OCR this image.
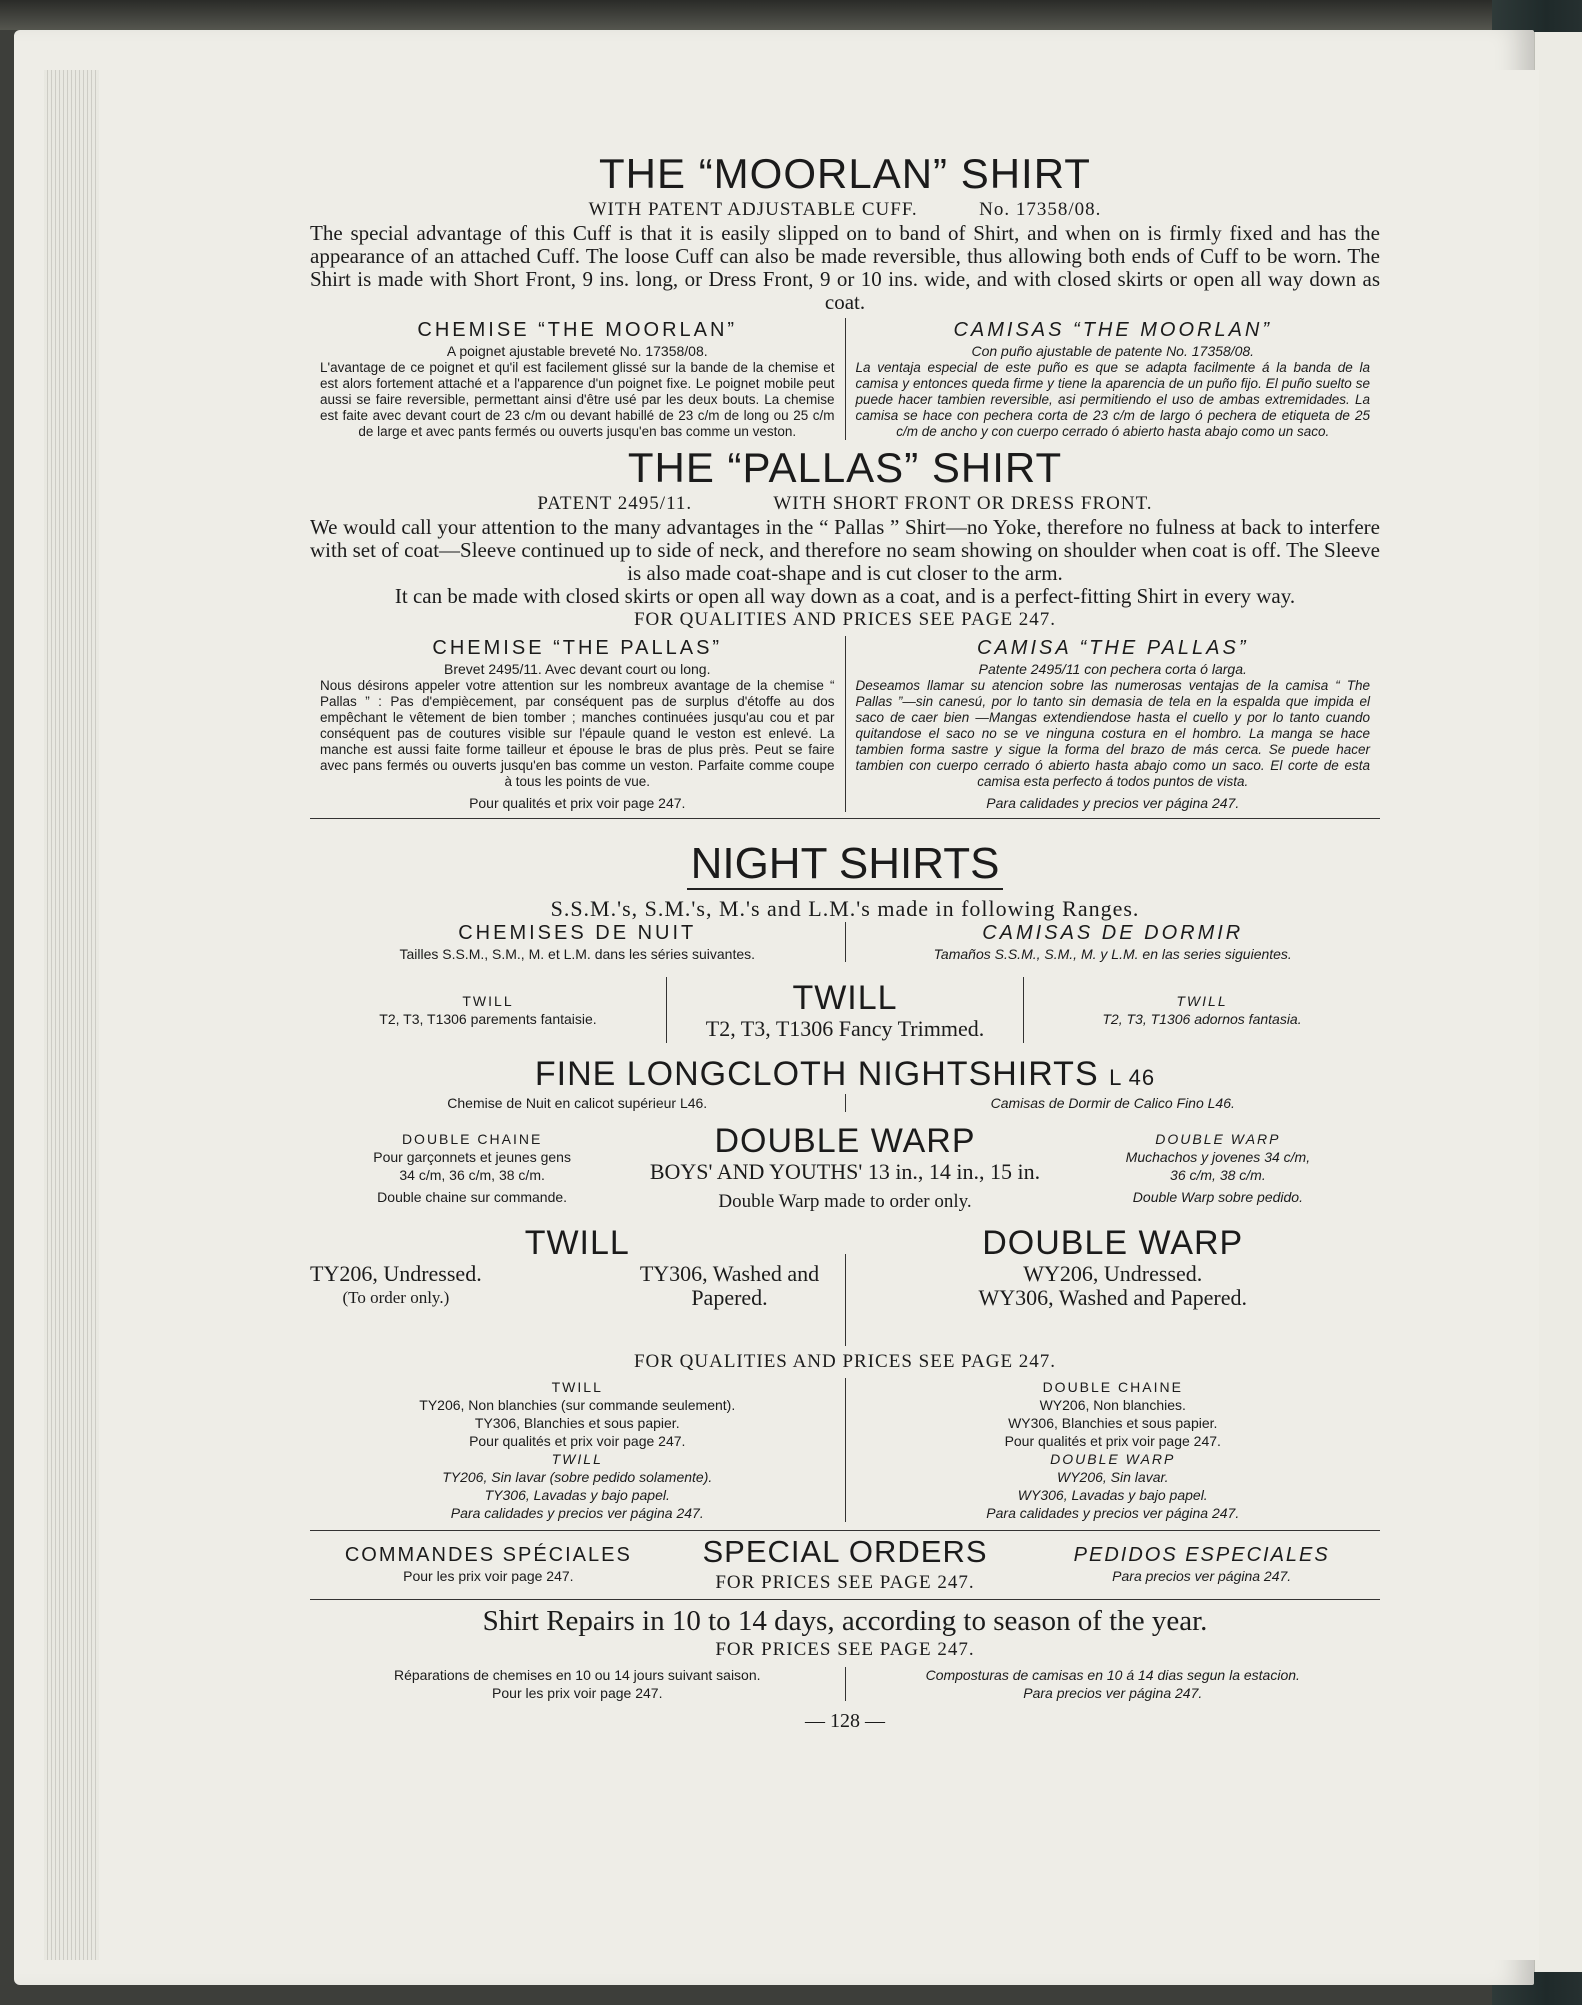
THE “MOORLAN” SHIRT
WITH PATENT ADJUSTABLE CUFF.	No. 17358/08.

The special advantage of this Cuff is that it is easily slipped on to band of Shirt, and when on is firmly fixed and has the appearance of an attached Cuff. The loose Cuff can also be made reversible, thus allowing both ends of Cuff to be worn. The Shirt is made with Short Front, 9 ins. long, or Dress Front, 9 or 10 ins. wide, and with closed skirts or open all way down as coat.

CHEMISE “THE MOORLAN”
A poignet ajustable breveté No. 17358/08.

L'avantage de ce poignet et qu'il est facilement glissé sur la bande de la chemise et est alors fortement attaché et a l'apparence d'un poignet fixe. Le poignet mobile peut aussi se faire reversible, permettant ainsi d'être usé par les deux bouts. La chemise est faite avec devant court de 23 c/m ou devant habillé de 23 c/m de long ou 25 c/m de large et avec pants fermés ou ouverts jusqu'en bas comme un veston.

CAMISAS “THE MOORLAN”
Con puño ajustable de patente No. 17358/08.

La ventaja especial de este puño es que se adapta facilmente á la banda de la camisa y entonces queda firme y tiene la aparencia de un puño fijo. El puño suelto se puede hacer tambien reversible, asi permitiendo el uso de ambas extremidades. La camisa se hace con pechera corta de 23 c/m de largo ó pechera de etiqueta de 25 c/m de ancho y con cuerpo cerrado ó abierto hasta abajo como un saco.

THE “PALLAS” SHIRT
PATENT 2495/11.	WITH SHORT FRONT OR DRESS FRONT.

We would call your attention to the many advantages in the “ Pallas ” Shirt—no Yoke, therefore no fulness at back to interfere with set of coat—Sleeve continued up to side of neck, and therefore no seam showing on shoulder when coat is off. The Sleeve is also made coat-shape and is cut closer to the arm.

It can be made with closed skirts or open all way down as a coat, and is a perfect-fitting Shirt in every way.

FOR QUALITIES AND PRICES SEE PAGE 247.
CHEMISE “THE PALLAS”
Brevet 2495/11. Avec devant court ou long.

Nous désirons appeler votre attention sur les nombreux avantage de la chemise “ Pallas ” : Pas d'empiècement, par conséquent pas de surplus d'étoffe au dos empêchant le vêtement de bien tomber ; manches continuées jusqu'au cou et par conséquent pas de coutures visible sur l'épaule quand le veston est enlevé. La manche est aussi faite forme tailleur et épouse le bras de plus près. Peut se faire avec pans fermés ou ouverts jusqu'en bas comme un veston. Parfaite comme coupe à tous les points de vue.

Pour qualités et prix voir page 247.
CAMISA “THE PALLAS”
Patente 2495/11 con pechera corta ó larga.

Deseamos llamar su atencion sobre las numerosas ventajas de la camisa “ The Pallas ”—sin canesú, por lo tanto sin demasia de tela en la espalda que impida el saco de caer bien —Mangas extendiendose hasta el cuello y por lo tanto cuando quitandose el saco no se ve ninguna costura en el hombro. La manga se hace tambien forma sastre y sigue la forma del brazo de más cerca. Se puede hacer tambien con cuerpo cerrado ó abierto hasta abajo como un saco. El corte de esta camisa esta perfecto á todos puntos de vista.

Para calidades y precios ver página 247.
NIGHT SHIRTS
S.S.M.'s, S.M.'s, M.'s and L.M.'s made in following Ranges.
CHEMISES DE NUIT
Tailles S.S.M., S.M., M. et L.M. dans les séries suivantes.
CAMISAS DE DORMIR
Tamaños S.S.M., S.M., M. y L.M. en las series siguientes.
TWILL
T2, T3, T1306 parements fantaisie.
TWILL
T2, T3, T1306 Fancy Trimmed.
TWILL
T2, T3, T1306 adornos fantasia.
FINE LONGCLOTH NIGHTSHIRTS L 46
Chemise de Nuit en calicot supérieur L46.	Camisas de Dormir de Calico Fino L46.
DOUBLE CHAINE
Pour garçonnets et jeunes gens
34 c/m, 36 c/m, 38 c/m.
Double chaine sur commande.
DOUBLE WARP
BOYS' AND YOUTHS' 13 in., 14 in., 15 in.
Double Warp made to order only.
DOUBLE WARP
Muchachos y jovenes 34 c/m,
36 c/m, 38 c/m.
Double Warp sobre pedido.
TWILL
TY206, Undressed.
(To order only.)
TY306, Washed and Papered.
DOUBLE WARP
WY206, Undressed.
WY306, Washed and Papered.
FOR QUALITIES AND PRICES SEE PAGE 247.
TWILL
TY206, Non blanchies (sur commande seulement).
TY306, Blanchies et sous papier.
Pour qualités et prix voir page 247.
TWILL
TY206, Sin lavar (sobre pedido solamente).
TY306, Lavadas y bajo papel.
Para calidades y precios ver página 247.
DOUBLE CHAINE
WY206, Non blanchies.
WY306, Blanchies et sous papier.
Pour qualités et prix voir page 247.
DOUBLE WARP
WY206, Sin lavar.
WY306, Lavadas y bajo papel.
Para calidades y precios ver página 247.
COMMANDES SPÉCIALES
Pour les prix voir page 247.
SPECIAL ORDERS
FOR PRICES SEE PAGE 247.
PEDIDOS ESPECIALES
Para precios ver página 247.
Shirt Repairs in 10 to 14 days, according to season of the year.
FOR PRICES SEE PAGE 247.
Réparations de chemises en 10 ou 14 jours suivant saison.
Pour les prix voir page 247.
Composturas de camisas en 10 á 14 dias segun la estacion.
Para precios ver página 247.
— 128 —
